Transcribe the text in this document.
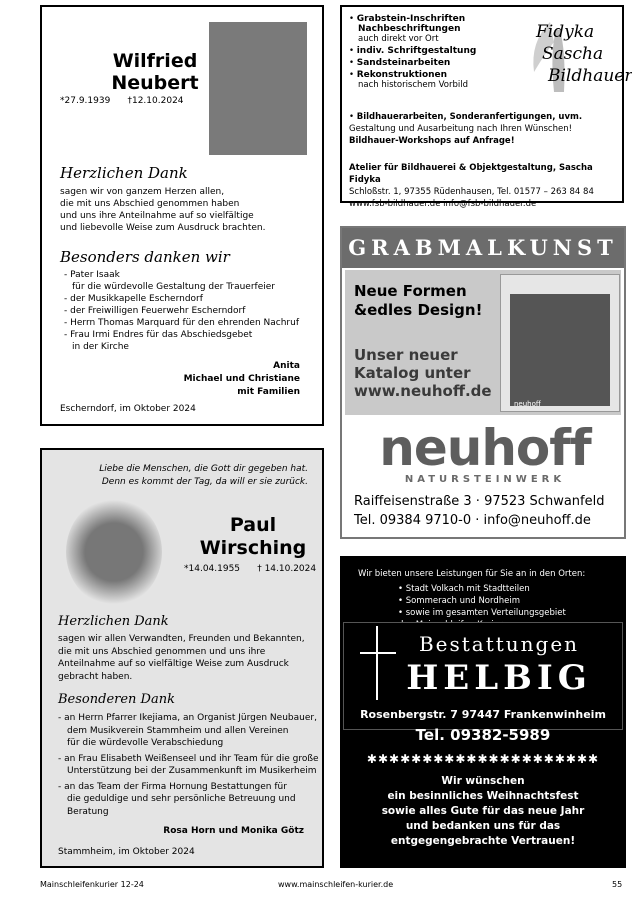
Wilfried
Neubert
*27.9.1939 †12.10.2024
Herzlichen Dank
sagen wir von ganzem Herzen allen,
die mit uns Abschied genommen haben
und uns ihre Anteilnahme auf so vielfältige
und liebevolle Weise zum Ausdruck brachten.
Besonders danken wir
- Pater Isaak
für die würdevolle Gestaltung der Trauerfeier
- der Musikkapelle Escherndorf
- der Freiwilligen Feuerwehr Escherndorf
- Herrn Thomas Marquard für den ehrenden Nachruf
- Frau Irmi Endres für das Abschiedsgebet
in der Kirche
Anita
Michael und Christiane
mit Familien
Escherndorf, im Oktober 2024
• Grabstein-Inschriften
Nachbeschriftungen
auch direkt vor Ort
• indiv. Schriftgestaltung
• Sandsteinarbeiten
• Rekonstruktionen
nach historischem Vorbild
• Bildhauerarbeiten, Sonderanfertigungen, uvm.
Gestaltung und Ausarbeitung nach Ihren Wünschen!
Bildhauer-Workshops auf Anfrage!
Fidyka
Sascha
Bildhauer
Atelier für Bildhauerei & Objektgestaltung, Sascha Fidyka
Schloßstr. 1, 97355 Rüdenhausen, Tel. 01577 – 263 84 84
www.fsb-bildhauer.de info@fsb-bildhauer.de
GRABMALKUNST
neuhoff
Neue Formen
&edles Design!
Unser neuer
Katalog unter
www.neuhoff.de
neuhoff
NATURSTEINWERK
Raiffeisenstraße 3 · 97523 Schwanfeld
Tel. 09384 9710-0 · info@neuhoff.de
Liebe die Menschen, die Gott dir gegeben hat.
Denn es kommt der Tag, da will er sie zurück.
Paul
Wirsching
*14.04.1955 † 14.10.2024
Herzlichen Dank
sagen wir allen Verwandten, Freunden und Bekannten,
die mit uns Abschied genommen und uns ihre
Anteilnahme auf so vielfältige Weise zum Ausdruck
gebracht haben.
Besonderen Dank
- an Herrn Pfarrer Ikejiama, an Organist Jürgen Neubauer,
dem Musikverein Stammheim und allen Vereinen
für die würdevolle Verabschiedung
- an Frau Elisabeth Weißenseel und ihr Team für die große
Unterstützung bei der Zusammenkunft im Musikerheim
- an das Team der Firma Hornung Bestattungen für
die geduldige und sehr persönliche Betreuung und
Beratung
Rosa Horn und Monika Götz
Stammheim, im Oktober 2024
Wir bieten unsere Leistungen für Sie an in den Orten:
• Stadt Volkach mit Stadtteilen
• Sommerach und Nordheim
• sowie im gesamten Verteilungsgebiet
Bestattungen
HELBIG
Rosenbergstr. 7 97447 Frankenwinheim
Tel. 09382-5989
✱✱✱✱✱✱✱✱✱✱✱✱✱✱✱✱✱✱✱✱✱
Wir wünschen
ein besinnliches Weihnachtsfest
sowie alles Gute für das neue Jahr
und bedanken uns für das
entgegengebrachte Vertrauen!
Mainschleifenkurier 12-24	www.mainschleifen-kurier.de	55
